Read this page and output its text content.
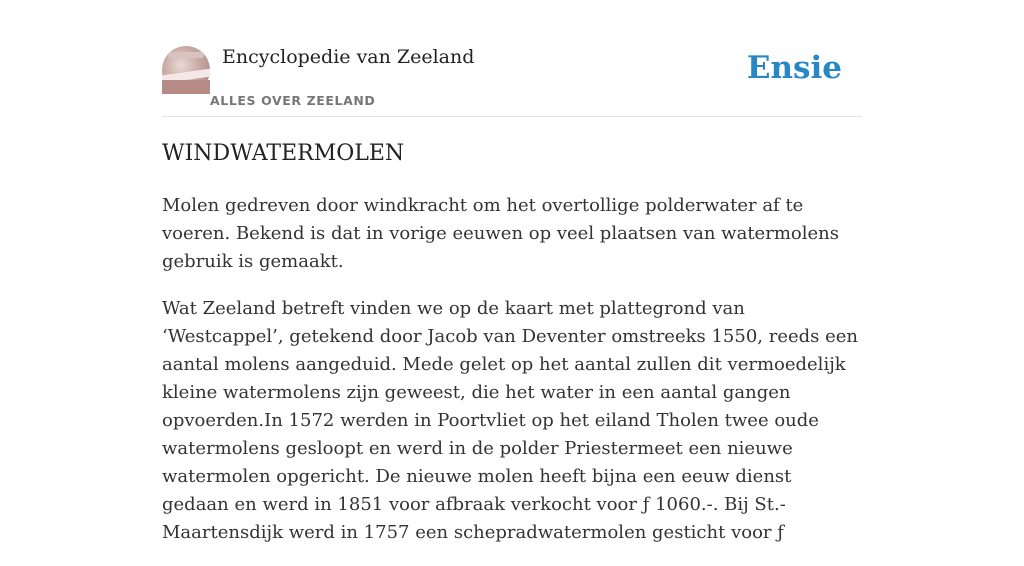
Encyclopedie van Zeeland
ALLES OVER ZEELAND
Ensie
WINDWATERMOLEN

Molen gedreven door windkracht om het overtollige polderwater af te voeren. Bekend is dat in vorige eeuwen op veel plaatsen van watermolens gebruik is gemaakt.

Wat Zeeland betreft vinden we op de kaart met plattegrond van ‘Westcappel’, getekend door Jacob van Deventer omstreeks 1550, reeds een aantal molens aangeduid. Mede gelet op het aantal zullen dit vermoedelijk kleine watermolens zijn geweest, die het water in een aantal gangen opvoerden.In 1572 werden in Poortvliet op het eiland Tholen twee oude watermolens gesloopt en werd in de polder Priestermeet een nieuwe watermolen opgericht. De nieuwe molen heeft bijna een eeuw dienst gedaan en werd in 1851 voor afbraak verkocht voor ƒ 1060.-. Bij St.-Maartensdijk werd in 1757 een schepradwatermolen gesticht voor ƒ
